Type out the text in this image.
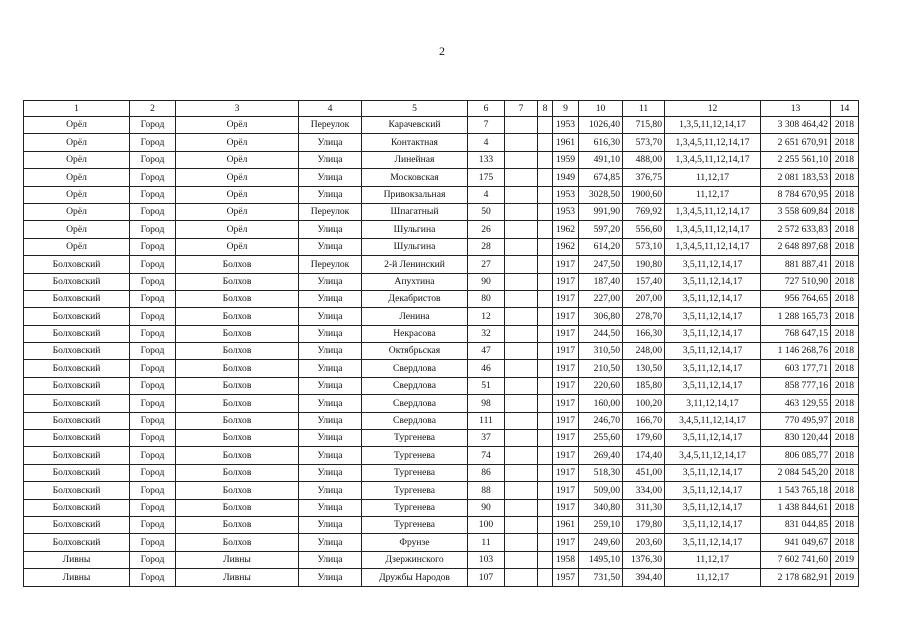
2
1	2	3	4	5	6	7	8	9	10	11	12	13	14
Орёл	Город	Орёл	Переулок	Карачевский	7			1953	1026,40	715,80	1,3,5,11,12,14,17	3 308 464,42	2018
Орёл	Город	Орёл	Улица	Контактная	4			1961	616,30	573,70	1,3,4,5,11,12,14,17	2 651 670,91	2018
Орёл	Город	Орёл	Улица	Линейная	133			1959	491,10	488,00	1,3,4,5,11,12,14,17	2 255 561,10	2018
Орёл	Город	Орёл	Улица	Московская	175			1949	674,85	376,75	11,12,17	2 081 183,53	2018
Орёл	Город	Орёл	Улица	Привокзальная	4			1953	3028,50	1900,60	11,12,17	8 784 670,95	2018
Орёл	Город	Орёл	Переулок	Шпагатный	50			1953	991,90	769,92	1,3,4,5,11,12,14,17	3 558 609,84	2018
Орёл	Город	Орёл	Улица	Шульгина	26			1962	597,20	556,60	1,3,4,5,11,12,14,17	2 572 633,83	2018
Орёл	Город	Орёл	Улица	Шульгина	28			1962	614,20	573,10	1,3,4,5,11,12,14,17	2 648 897,68	2018
Болховский	Город	Болхов	Переулок	2-й Ленинский	27			1917	247,50	190,80	3,5,11,12,14,17	881 887,41	2018
Болховский	Город	Болхов	Улица	Апухтина	90			1917	187,40	157,40	3,5,11,12,14,17	727 510,90	2018
Болховский	Город	Болхов	Улица	Декабристов	80			1917	227,00	207,00	3,5,11,12,14,17	956 764,65	2018
Болховский	Город	Болхов	Улица	Ленина	12			1917	306,80	278,70	3,5,11,12,14,17	1 288 165,73	2018
Болховский	Город	Болхов	Улица	Некрасова	32			1917	244,50	166,30	3,5,11,12,14,17	768 647,15	2018
Болховский	Город	Болхов	Улица	Октябрьская	47			1917	310,50	248,00	3,5,11,12,14,17	1 146 268,76	2018
Болховский	Город	Болхов	Улица	Свердлова	46			1917	210,50	130,50	3,5,11,12,14,17	603 177,71	2018
Болховский	Город	Болхов	Улица	Свердлова	51			1917	220,60	185,80	3,5,11,12,14,17	858 777,16	2018
Болховский	Город	Болхов	Улица	Свердлова	98			1917	160,00	100,20	3,11,12,14,17	463 129,55	2018
Болховский	Город	Болхов	Улица	Свердлова	111			1917	246,70	166,70	3,4,5,11,12,14,17	770 495,97	2018
Болховский	Город	Болхов	Улица	Тургенева	37			1917	255,60	179,60	3,5,11,12,14,17	830 120,44	2018
Болховский	Город	Болхов	Улица	Тургенева	74			1917	269,40	174,40	3,4,5,11,12,14,17	806 085,77	2018
Болховский	Город	Болхов	Улица	Тургенева	86			1917	518,30	451,00	3,5,11,12,14,17	2 084 545,20	2018
Болховский	Город	Болхов	Улица	Тургенева	88			1917	509,00	334,00	3,5,11,12,14,17	1 543 765,18	2018
Болховский	Город	Болхов	Улица	Тургенева	90			1917	340,80	311,30	3,5,11,12,14,17	1 438 844,61	2018
Болховский	Город	Болхов	Улица	Тургенева	100			1961	259,10	179,80	3,5,11,12,14,17	831 044,85	2018
Болховский	Город	Болхов	Улица	Фрунзе	11			1917	249,60	203,60	3,5,11,12,14,17	941 049,67	2018
Ливны	Город	Ливны	Улица	Дзержинского	103			1958	1495,10	1376,30	11,12,17	7 602 741,60	2019
Ливны	Город	Ливны	Улица	Дружбы Народов	107			1957	731,50	394,40	11,12,17	2 178 682,91	2019
